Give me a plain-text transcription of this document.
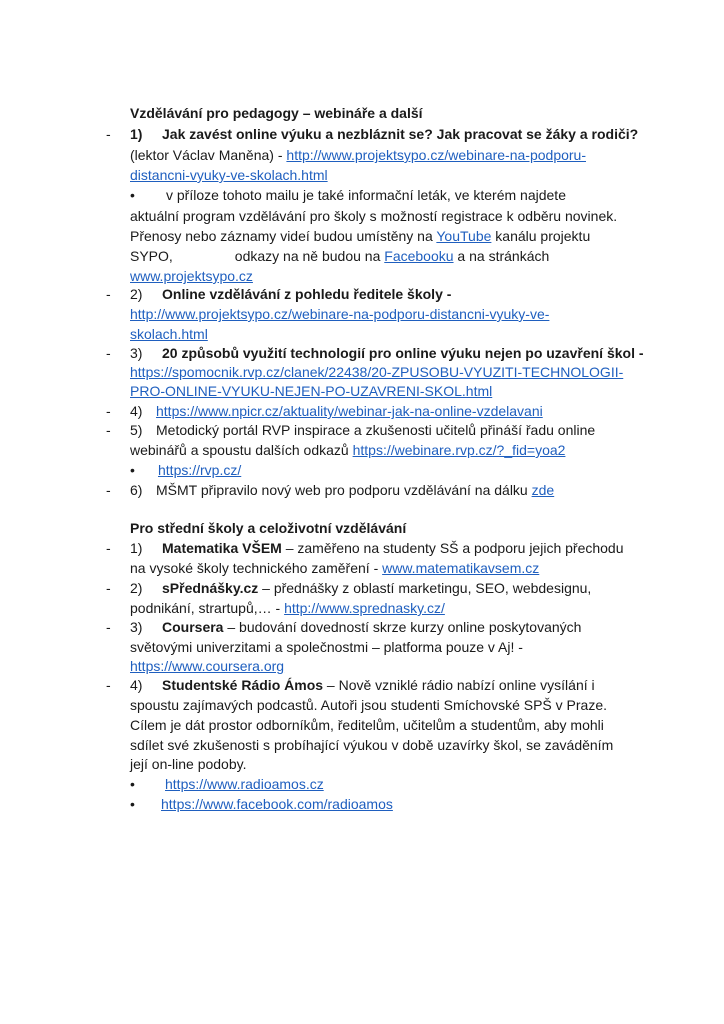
Vzdělávání pro pedagogy – webináře a další
- 1) Jak zavést online výuku a nezbláznit se? Jak pracovat se žáky a rodiči?
(lektor Václav Maněna) - http://www.projektsypo.cz/webinare-na-podporu-
distancni-vyuky-ve-skolach.html
• v příloze tohoto mailu je také informační leták, ve kterém najdete
aktuální program vzdělávání pro školy s možností registrace k odběru novinek.
Přenosy nebo záznamy videí budou umístěny na YouTube kanálu projektu
SYPO,	odkazy na ně budou na Facebooku a na stránkách
www.projektsypo.cz
- 2) Online vzdělávání z pohledu ředitele školy -
http://www.projektsypo.cz/webinare-na-podporu-distancni-vyuky-ve-
skolach.html
- 3) 20 způsobů využití technologií pro online výuku nejen po uzavření škol -
https://spomocnik.rvp.cz/clanek/22438/20-ZPUSOBU-VYUZITI-TECHNOLOGII-
PRO-ONLINE-VYUKU-NEJEN-PO-UZAVRENI-SKOL.html
- 4) https://www.npicr.cz/aktuality/webinar-jak-na-online-vzdelavani
- 5) Metodický portál RVP inspirace a zkušenosti učitelů přináší řadu online
webinářů a spoustu dalších odkazů https://webinare.rvp.cz/?_fid=yoa2
• https://rvp.cz/
- 6) MŠMT připravilo nový web pro podporu vzdělávání na dálku zde
Pro střední školy a celoživotní vzdělávání
- 1) Matematika VŠEM – zaměřeno na studenty SŠ a podporu jejich přechodu
na vysoké školy technického zaměření - www.matematikavsem.cz
- 2) sPřednášky.cz – přednášky z oblastí marketingu, SEO, webdesignu,
podnikání, strartupů,… - http://www.sprednasky.cz/
- 3) Coursera – budování dovedností skrze kurzy online poskytovaných
světovými univerzitami a společnostmi – platforma pouze v Aj! -
https://www.coursera.org
- 4) Studentské Rádio Ámos – Nově vzniklé rádio nabízí online vysílání i
spoustu zajímavých podcastů. Autoři jsou studenti Smíchovské SPŠ v Praze.
Cílem je dát prostor odborníkům, ředitelům, učitelům a studentům, aby mohli
sdílet své zkušenosti s probíhající výukou v době uzavírky škol, se zaváděním
její on-line podoby.
• https://www.radioamos.cz
• https://www.facebook.com/radioamos
